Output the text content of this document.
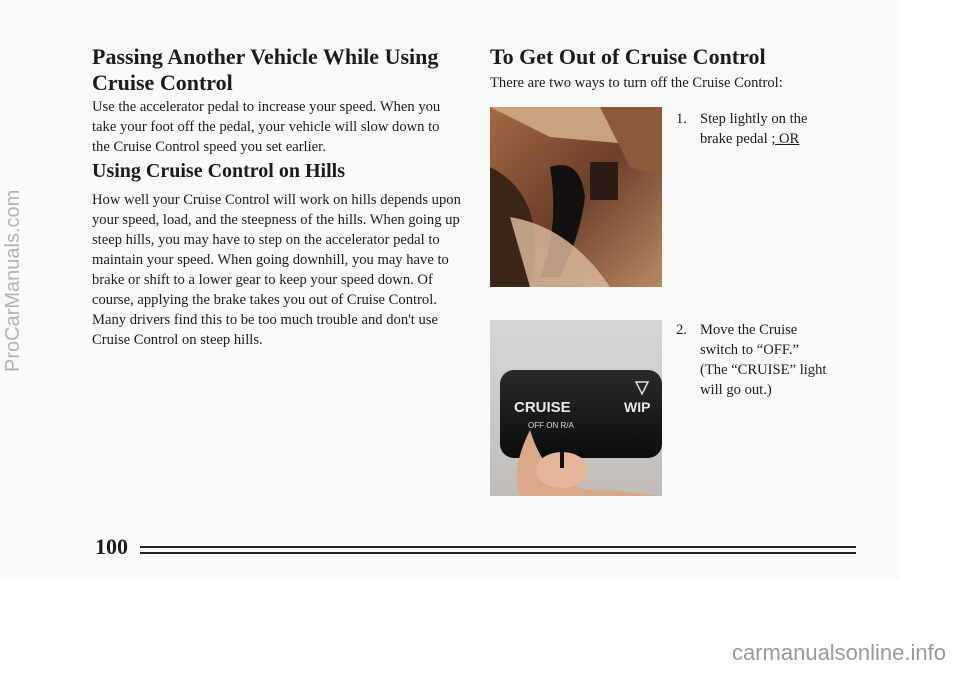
Passing Another Vehicle While Using Cruise Control

Use the accelerator pedal to increase your speed. When you take your foot off the pedal, your vehicle will slow down to the Cruise Control speed you set earlier.

Using Cruise Control on Hills

How well your Cruise Control will work on hills depends upon your speed, load, and the steepness of the hills. When going up steep hills, you may have to step on the accelerator pedal to maintain your speed. When going downhill, you may have to brake or shift to a lower gear to keep your speed down. Of course, applying the brake takes you out of Cruise Control. Many drivers find this to be too much trouble and don't use Cruise Control on steep hills.

To Get Out of Cruise Control

There are two ways to turn off the Cruise Control:

1. Step lightly on the brake pedal ; OR
CRUISE	WIP
OFF ON R/A
2. Move the Cruise switch to “OFF.” (The “CRUISE” light will go out.)
100
ProCarManuals.com
carmanualsonline.info
